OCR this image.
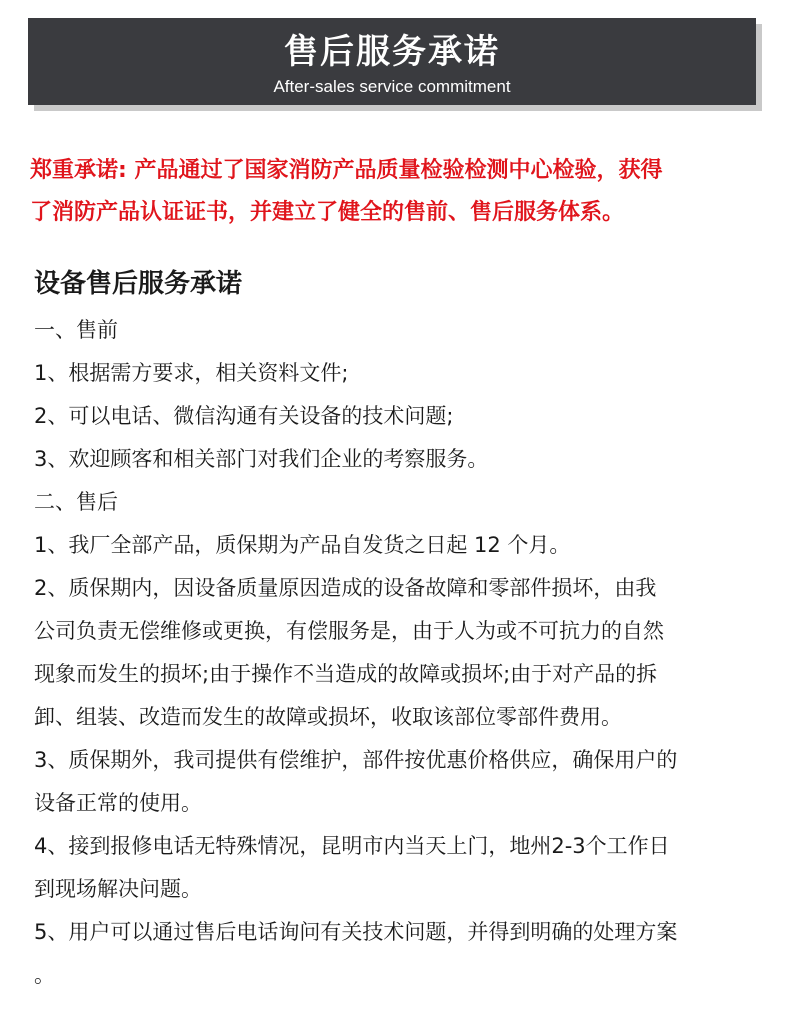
售后服务承诺
After-sales service commitment
郑重承诺: 产品通过了国家消防产品质量检验检测中心检验，获得
了消防产品认证证书，并建立了健全的售前、售后服务体系。
设备售后服务承诺
一、售前
1、根据需方要求，相关资料文件;
2、可以电话、微信沟通有关设备的技术问题;
3、欢迎顾客和相关部门对我们企业的考察服务。
二、售后
1、我厂全部产品，质保期为产品自发货之日起 12 个月。
2、质保期内，因设备质量原因造成的设备故障和零部件损坏，由我
公司负责无偿维修或更换，有偿服务是，由于人为或不可抗力的自然
现象而发生的损坏;由于操作不当造成的故障或损坏;由于对产品的拆
卸、组装、改造而发生的故障或损坏，收取该部位零部件费用。
3、质保期外，我司提供有偿维护，部件按优惠价格供应，确保用户的
设备正常的使用。
4、接到报修电话无特殊情况，昆明市内当天上门，地州2-3个工作日
到现场解决问题。
5、用户可以通过售后电话询问有关技术问题，并得到明确的处理方案
。
